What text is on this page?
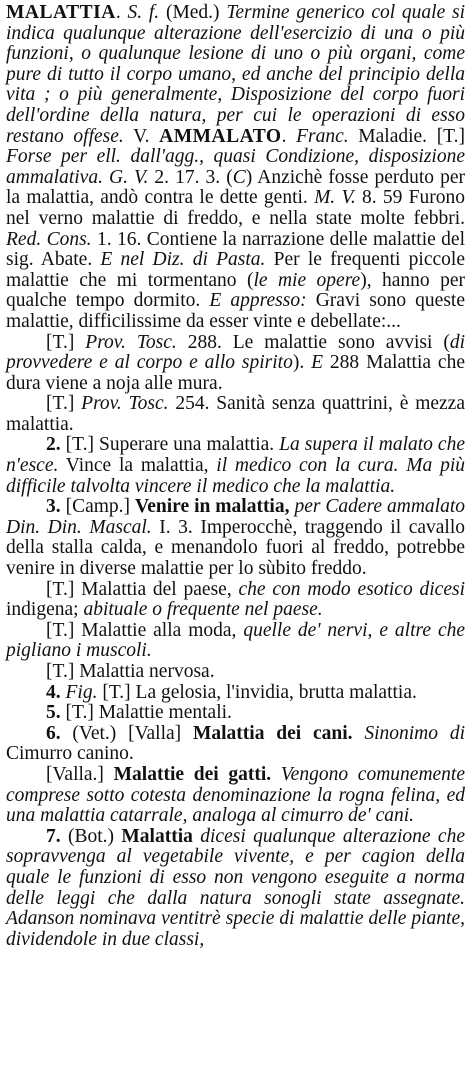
MALATTIA. S. f. (Med.) Termine generico col quale si indica qualunque alterazione dell'esercizio di una o più funzioni, o qualunque lesione di uno o più organi, come pure di tutto il corpo umano, ed anche del principio della vita ; o più generalmente, Disposizione del corpo fuori dell'ordine della natura, per cui le operazioni di esso restano offese. V. AMMALATO. Franc. Maladie. [T.] Forse per ell. dall'agg., quasi Condizione, disposizione ammalativa. G. V. 2. 17. 3. (C) Anzichè fosse perduto per la malattia, andò contra le dette genti. M. V. 8. 59 Furono nel verno malattie di freddo, e nella state molte febbri. Red. Cons. 1. 16. Contiene la narrazione delle malattie del sig. Abate. E nel Diz. di Pasta. Per le frequenti piccole malattie che mi tormentano (le mie opere), hanno per qualche tempo dormito. E appresso: Gravi sono queste malattie, difficilissime da esser vinte e debellate:...

[T.] Prov. Tosc. 288. Le malattie sono avvisi (di provvedere e al corpo e allo spirito). E 288 Malattia che dura viene a noja alle mura.

[T.] Prov. Tosc. 254. Sanità senza quattrini, è mezza malattia.

2. [T.] Superare una malattia. La supera il malato che n'esce. Vince la malattia, il medico con la cura. Ma più difficile talvolta vincere il medico che la malattia.

3. [Camp.] Venire in malattia, per Cadere ammalato Din. Din. Mascal. I. 3. Imperocchè, traggendo il cavallo della stalla calda, e menandolo fuori al freddo, potrebbe venire in diverse malattie per lo sùbito freddo.

[T.] Malattia del paese, che con modo esotico dicesi indigena; abituale o frequente nel paese.

[T.] Malattie alla moda, quelle de' nervi, e altre che pigliano i muscoli.

[T.] Malattia nervosa.

4. Fig. [T.] La gelosia, l'invidia, brutta malattia.

5. [T.] Malattie mentali.

6. (Vet.) [Valla] Malattia dei cani. Sinonimo di Cimurro canino.

[Valla.] Malattie dei gatti. Vengono comunemente comprese sotto cotesta denominazione la rogna felina, ed una malattia catarrale, analoga al cimurro de' cani.

7. (Bot.) Malattia dicesi qualunque alterazione che sopravvenga al vegetabile vivente, e per cagion della quale le funzioni di esso non vengono eseguite a norma delle leggi che dalla natura sonogli state assegnate. Adanson nominava ventitrè specie di malattie delle piante, dividendole in due classi,
